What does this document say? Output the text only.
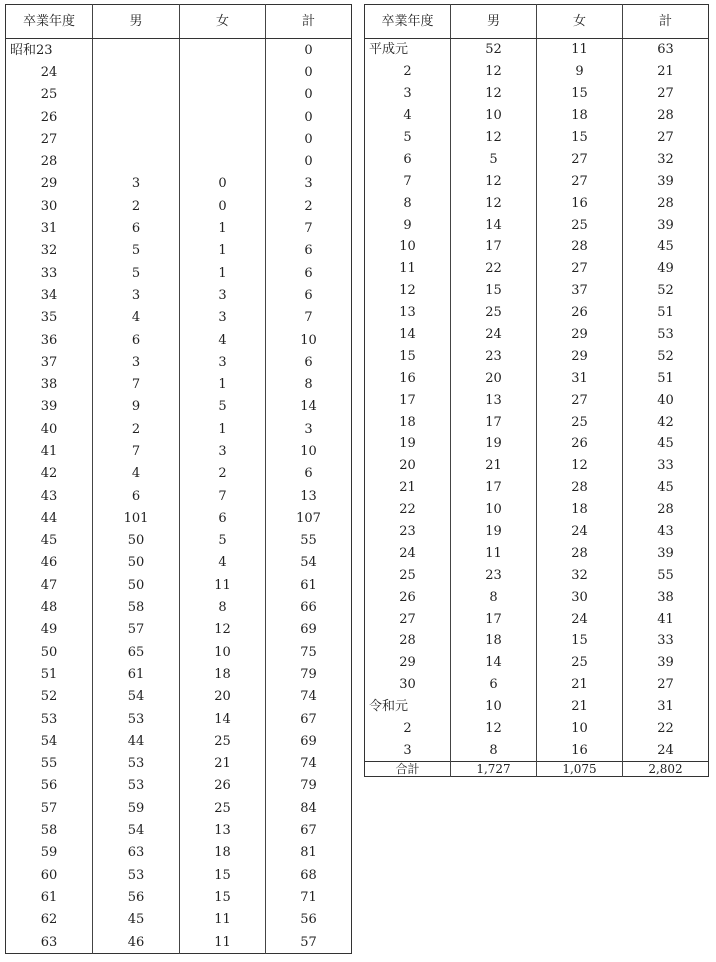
卒業年度	男	女	計
昭和23			0
24			0
25			0
26			0
27			0
28			0
29	3	0	3
30	2	0	2
31	6	1	7
32	5	1	6
33	5	1	6
34	3	3	6
35	4	3	7
36	6	4	10
37	3	3	6
38	7	1	8
39	9	5	14
40	2	1	3
41	7	3	10
42	4	2	6
43	6	7	13
44	101	6	107
45	50	5	55
46	50	4	54
47	50	11	61
48	58	8	66
49	57	12	69
50	65	10	75
51	61	18	79
52	54	20	74
53	53	14	67
54	44	25	69
55	53	21	74
56	53	26	79
57	59	25	84
58	54	13	67
59	63	18	81
60	53	15	68
61	56	15	71
62	45	11	56
63	46	11	57
卒業年度	男	女	計
平成元	52	11	63
2	12	9	21
3	12	15	27
4	10	18	28
5	12	15	27
6	5	27	32
7	12	27	39
8	12	16	28
9	14	25	39
10	17	28	45
11	22	27	49
12	15	37	52
13	25	26	51
14	24	29	53
15	23	29	52
16	20	31	51
17	13	27	40
18	17	25	42
19	19	26	45
20	21	12	33
21	17	28	45
22	10	18	28
23	19	24	43
24	11	28	39
25	23	32	55
26	8	30	38
27	17	24	41
28	18	15	33
29	14	25	39
30	6	21	27
令和元	10	21	31
2	12	10	22
3	8	16	24
合計	1,727	1,075	2,802
